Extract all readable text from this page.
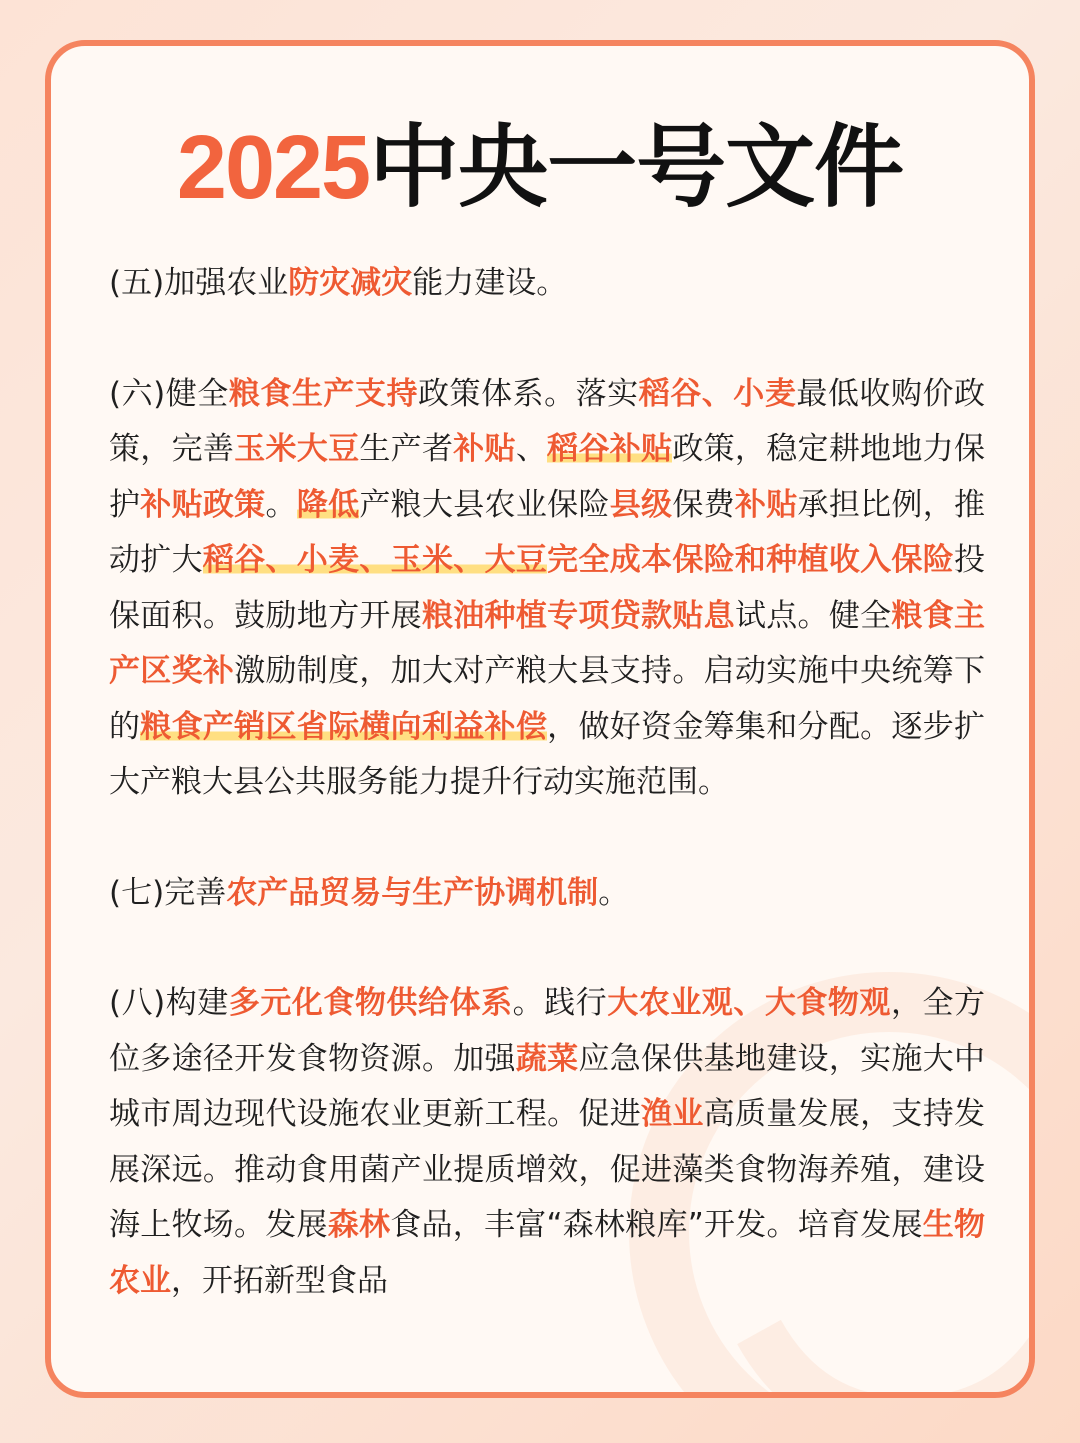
2025中央一号文件

(五)加强农业防灾减灾能力建设。

(六)健全粮食生产支持政策体系。落实稻谷、小麦最低收购价政策，完善玉米大豆生产者补贴、稻谷补贴政策，稳定耕地地力保护补贴政策。降低产粮大县农业保险县级保费补贴承担比例，推动扩大稻谷、小麦、玉米、大豆完全成本保险和种植收入保险投保面积。鼓励地方开展粮油种植专项贷款贴息试点。健全粮食主产区奖补激励制度，加大对产粮大县支持。启动实施中央统筹下的粮食产销区省际横向利益补偿，做好资金筹集和分配。逐步扩大产粮大县公共服务能力提升行动实施范围。

(七)完善农产品贸易与生产协调机制。

(八)构建多元化食物供给体系。践行大农业观、大食物观，全方位多途径开发食物资源。加强蔬菜应急保供基地建设，实施大中城市周边现代设施农业更新工程。促进渔业高质量发展，支持发展深远。推动食用菌产业提质增效，促进藻类食物海养殖，建设海上牧场。发展森林食品，丰富“森林粮库”开发。培育发展生物农业，开拓新型食品
